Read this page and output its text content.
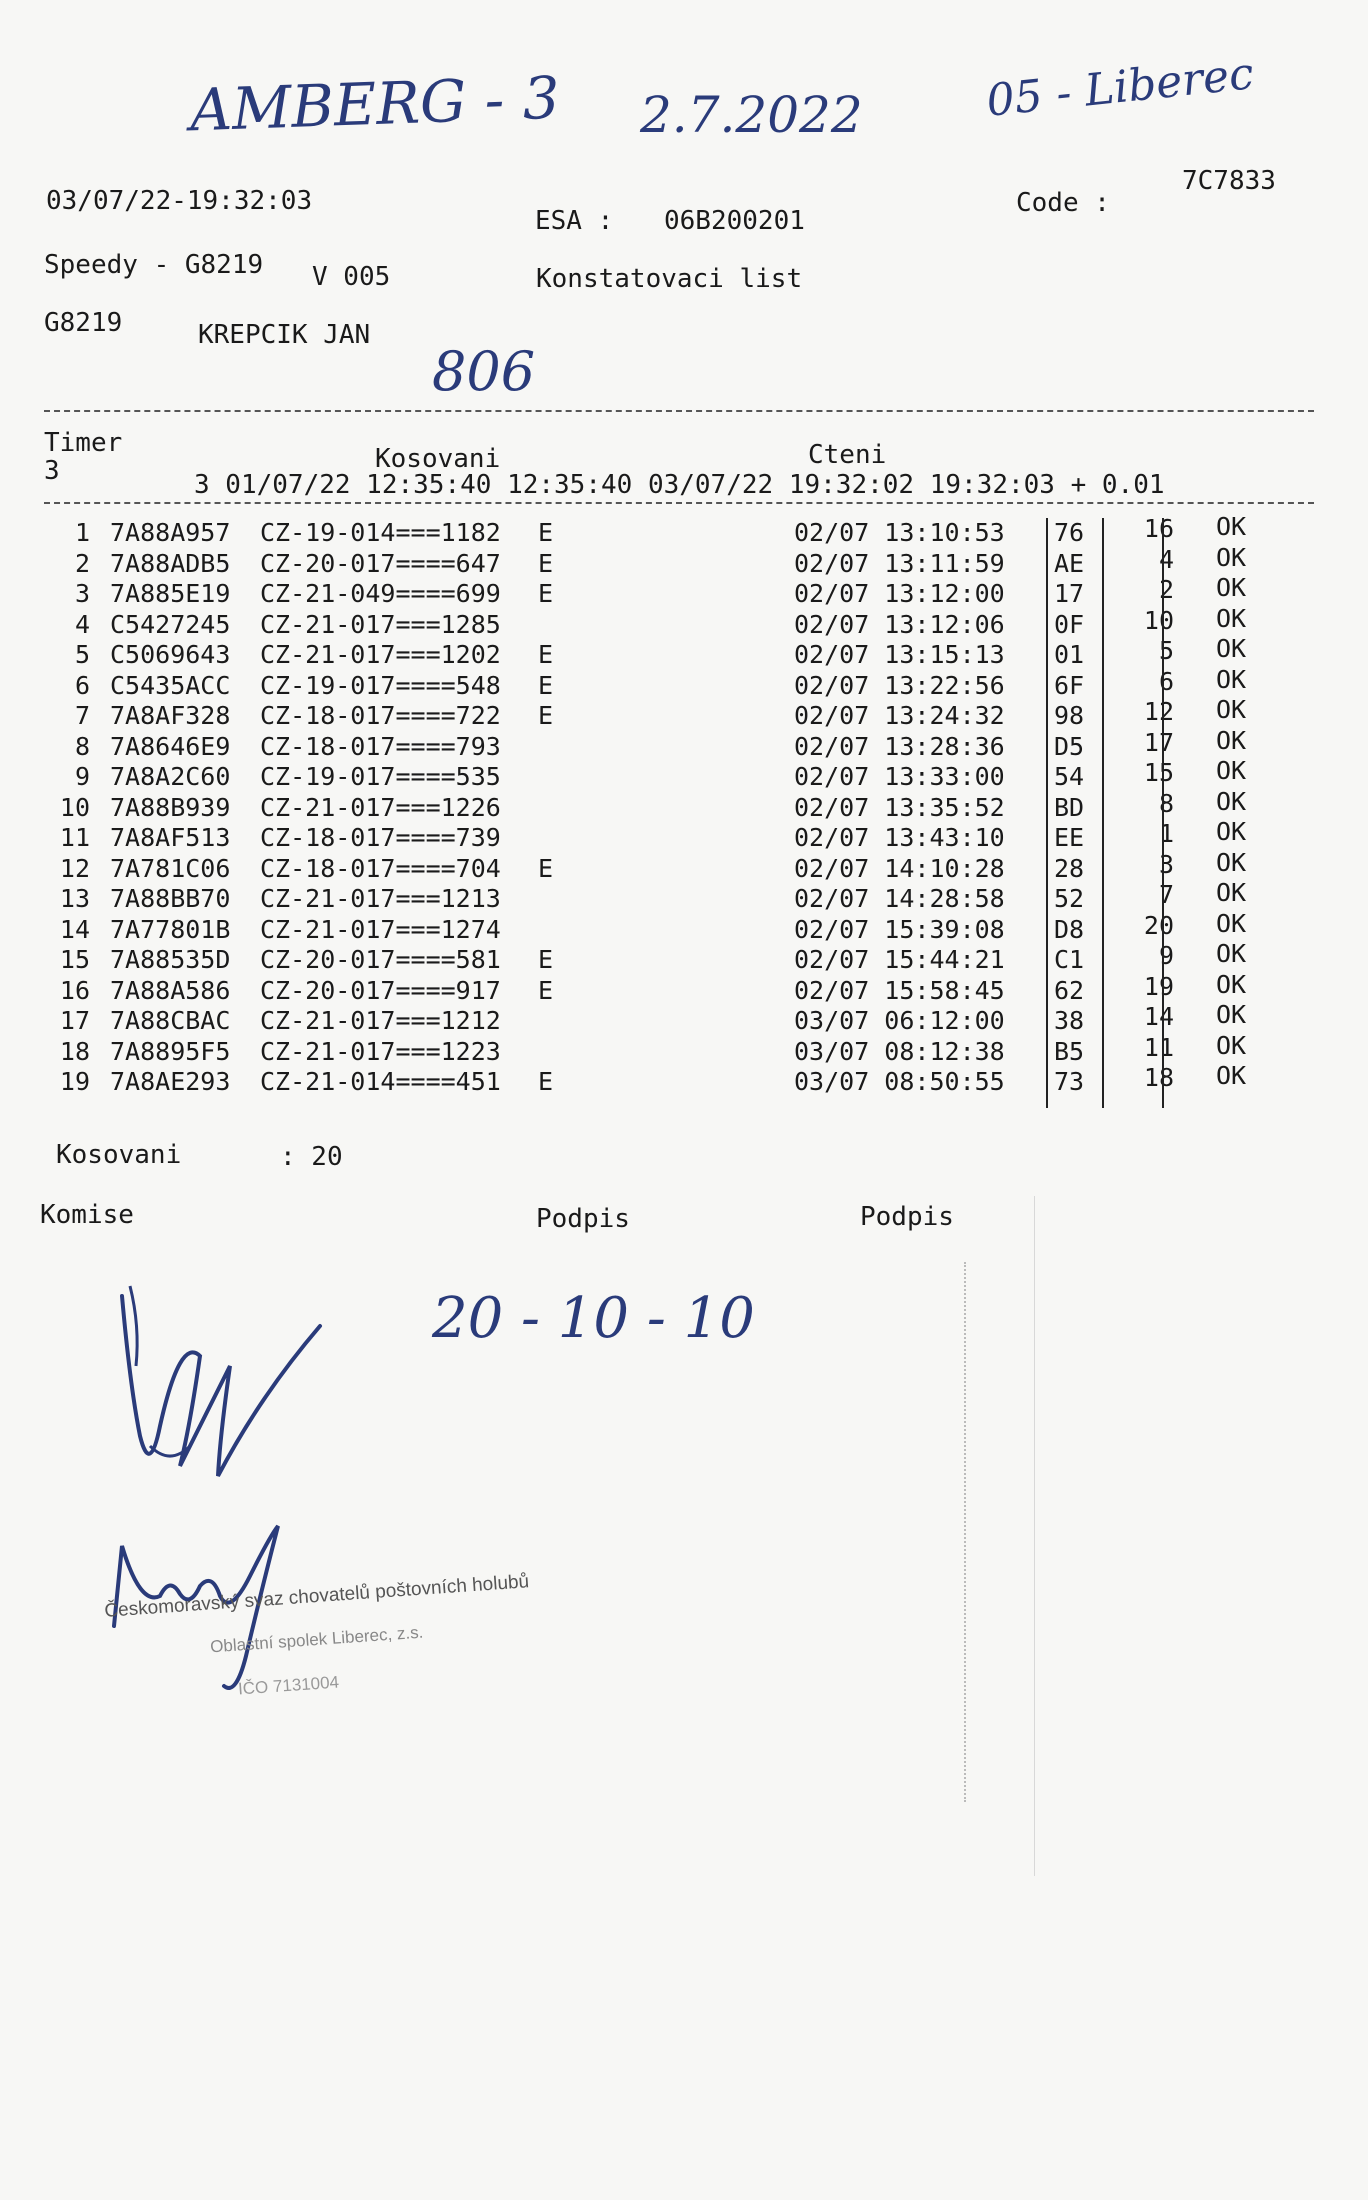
AMBERG - 3 2.7.2022	05 - Liberec
03/07/22-19:32:03
ESA : 06B200201
Code :
7C7833
Speedy - G8219 V 005	Konstatovaci list
G8219	KREPCIK JAN
806
Timer
3	Kosovani	Cteni
3 01/07/22 12:35:40 12:35:40 03/07/22 19:32:02 19:32:03 + 0.01
1 7A88A957 CZ-19-014===1182 E	02/07 13:10:53 76	16 OK
2 7A88ADB5 CZ-20-017====647 E	02/07 13:11:59 AE	4 OK
3 7A885E19 CZ-21-049====699 E	02/07 13:12:00 17	2 OK
4 C5427245 CZ-21-017===1285	02/07 13:12:06 0F	10 OK
5 C5069643 CZ-21-017===1202 E	02/07 13:15:13 01	5 OK
6 C5435ACC CZ-19-017====548 E	02/07 13:22:56 6F	6 OK
7 7A8AF328 CZ-18-017====722 E	02/07 13:24:32 98	12 OK
8 7A8646E9 CZ-18-017====793	02/07 13:28:36 D5	17 OK
9 7A8A2C60 CZ-19-017====535	02/07 13:33:00 54	15 OK
10 7A88B939 CZ-21-017===1226	02/07 13:35:52 BD	8 OK
11 7A8AF513 CZ-18-017====739	02/07 13:43:10 EE	1 OK
12 7A781C06 CZ-18-017====704 E	02/07 14:10:28 28	3 OK
13 7A88BB70 CZ-21-017===1213	02/07 14:28:58 52	7 OK
14 7A77801B CZ-21-017===1274	02/07 15:39:08 D8	20 OK
15 7A88535D CZ-20-017====581 E	02/07 15:44:21 C1	9 OK
16 7A88A586 CZ-20-017====917 E	02/07 15:58:45 62	19 OK
17 7A88CBAC CZ-21-017===1212	03/07 06:12:00 38	14 OK
18 7A8895F5 CZ-21-017===1223	03/07 08:12:38 B5	11 OK
19 7A8AE293 CZ-21-014====451 E	03/07 08:50:55 73	18 OK
Kosovani	: 20
Komise	Podpis	Podpis
20 - 10 - 10
Českomoravský svaz chovatelů poštovních holubů
Oblastní spolek Liberec, z.s.
IČO 7131004
